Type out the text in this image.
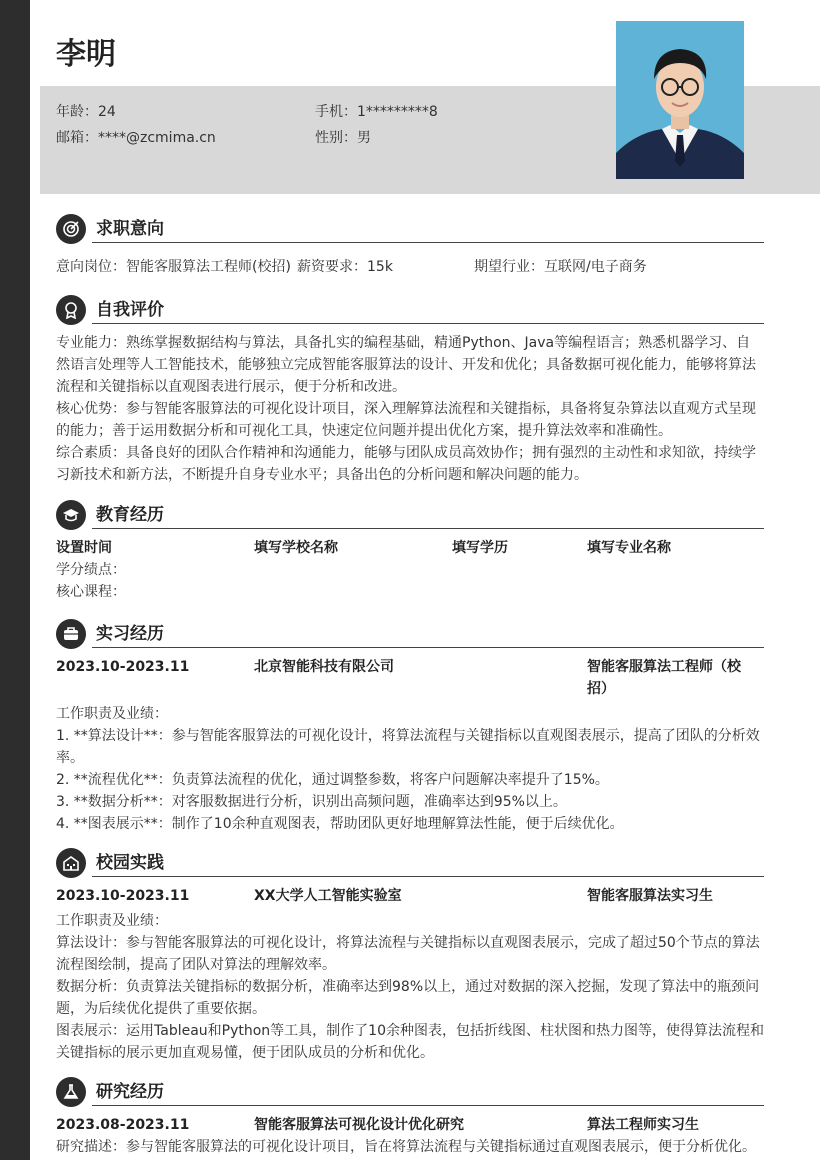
李明
年龄：24	手机：1*********8
邮箱：****@zcmima.cn	性别：男
求职意向
意向岗位：智能客服算法工程师(校招) 薪资要求：15k	期望行业：互联网/电子商务
自我评价
专业能力：熟练掌握数据结构与算法，具备扎实的编程基础，精通Python、Java等编程语言；熟悉机器学习、自然语言处理等人工智能技术，能够独立完成智能客服算法的设计、开发和优化；具备数据可视化能力，能够将算法流程和关键指标以直观图表进行展示，便于分析和改进。
核心优势：参与智能客服算法的可视化设计项目，深入理解算法流程和关键指标，具备将复杂算法以直观方式呈现的能力；善于运用数据分析和可视化工具，快速定位问题并提出优化方案，提升算法效率和准确性。
综合素质：具备良好的团队合作精神和沟通能力，能够与团队成员高效协作；拥有强烈的主动性和求知欲，持续学习新技术和新方法，不断提升自身专业水平；具备出色的分析问题和解决问题的能力。
教育经历
设置时间	填写学校名称	填写学历	填写专业名称
学分绩点：
核心课程：
实习经历
2023.10-2023.11	北京智能科技有限公司	智能客服算法工程师（校
招）
工作职责及业绩：
1. **算法设计**：参与智能客服算法的可视化设计，将算法流程与关键指标以直观图表展示，提高了团队的分析效率。
2. **流程优化**：负责算法流程的优化，通过调整参数，将客户问题解决率提升了15%。
3. **数据分析**：对客服数据进行分析，识别出高频问题，准确率达到95%以上。
4. **图表展示**：制作了10余种直观图表，帮助团队更好地理解算法性能，便于后续优化。
校园实践
2023.10-2023.11	XX大学人工智能实验室	智能客服算法实习生
工作职责及业绩：
算法设计：参与智能客服算法的可视化设计，将算法流程与关键指标以直观图表展示，完成了超过50个节点的算法流程图绘制，提高了团队对算法的理解效率。
数据分析：负责算法关键指标的数据分析，准确率达到98%以上，通过对数据的深入挖掘，发现了算法中的瓶颈问题，为后续优化提供了重要依据。
图表展示：运用Tableau和Python等工具，制作了10余种图表，包括折线图、柱状图和热力图等，使得算法流程和关键指标的展示更加直观易懂，便于团队成员的分析和优化。
研究经历
2023.08-2023.11	智能客服算法可视化设计优化研究	算法工程师实习生
研究描述：参与智能客服算法的可视化设计项目，旨在将算法流程与关键指标通过直观图表展示，便于分析优化。
